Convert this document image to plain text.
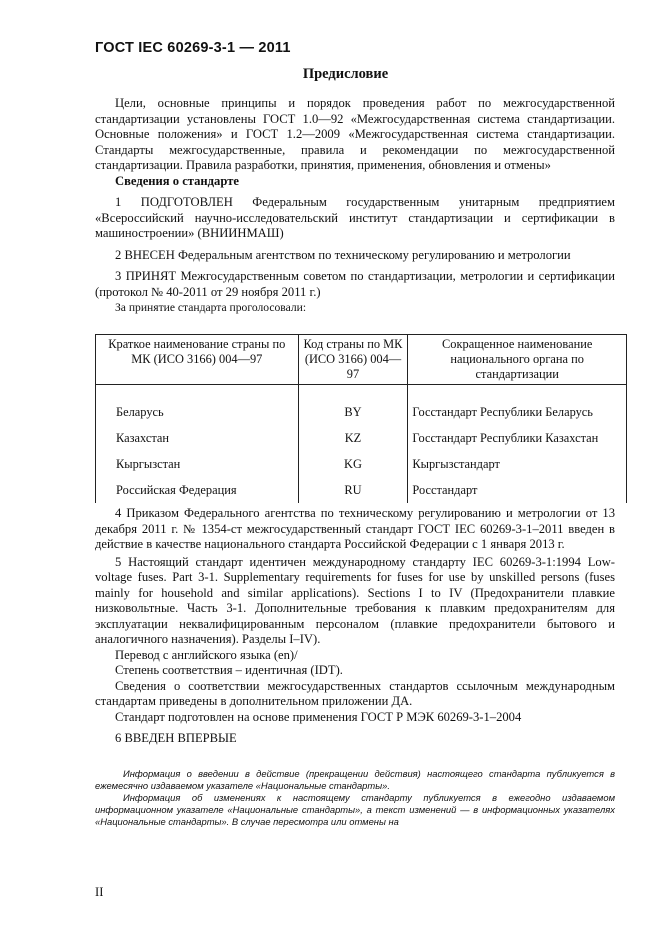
ГОСТ IEC 60269-3-1 — 2011
Предисловие

Цели, основные принципы и порядок проведения работ по межгосударственной стандартизации установлены ГОСТ 1.0—92 «Межгосударственная система стандартизации. Основные положения» и ГОСТ 1.2—2009 «Межгосударственная система стандартизации. Стандарты межгосударственные, правила и рекомендации по межгосударственной стандартизации. Правила разработки, принятия, применения, обновления и отмены»

Сведения о стандарте

1 ПОДГОТОВЛЕН Федеральным государственным унитарным предприятием «Всероссийский научно-исследовательский институт стандартизации и сертификации в машиностроении» (ВНИИНМАШ)

2 ВНЕСЕН Федеральным агентством по техническому регулированию и метрологии

3 ПРИНЯТ Межгосударственным советом по стандартизации, метрологии и сертификации (протокол № 40-2011 от 29 ноября 2011 г.)

За принятие стандарта проголосовали:

Краткое наименование страны по МК (ИСО 3166) 004—97	Код страны по МК (ИСО 3166) 004—97	Сокращенное наименование национального органа по стандартизации
Беларусь	BY	Госстандарт Республики Беларусь
Казахстан	KZ	Госстандарт Республики Казахстан
Кыргызстан	KG	Кыргызстандарт
Российская Федерация	RU	Росстандарт

4 Приказом Федерального агентства по техническому регулированию и метрологии от 13 декабря 2011 г. № 1354-ст межгосударственный стандарт ГОСТ IEC 60269-3-1–2011 введен в действие в качестве национального стандарта Российской Федерации с 1 января 2013 г.

5 Настоящий стандарт идентичен международному стандарту IEC 60269-3-1:1994 Low-voltage fuses. Part 3-1. Supplementary requirements for fuses for use by unskilled persons (fuses mainly for household and similar applications). Sections I to IV (Предохранители плавкие низковольтные. Часть 3-1. Дополнительные требования к плавким предохранителям для эксплуатации неквалифицированным персоналом (плавкие предохранители бытового и аналогичного назначения). Разделы I–IV).

Перевод с английского языка (en)/

Степень соответствия – идентичная (IDT).

Сведения о соответствии межгосударственных стандартов ссылочным международным стандартам приведены в дополнительном приложении ДА.

Стандарт подготовлен на основе применения ГОСТ Р МЭК 60269-3-1–2004

6 ВВЕДЕН ВПЕРВЫЕ

Информация о введении в действие (прекращении действия) настоящего стандарта публикуется в ежемесячно издаваемом указателе «Национальные стандарты».

Информация об изменениях к настоящему стандарту публикуется в ежегодно издаваемом информационном указателе «Национальные стандарты», а текст изменений — в информационных указателях «Национальные стандарты». В случае пересмотра или отмены на

II
